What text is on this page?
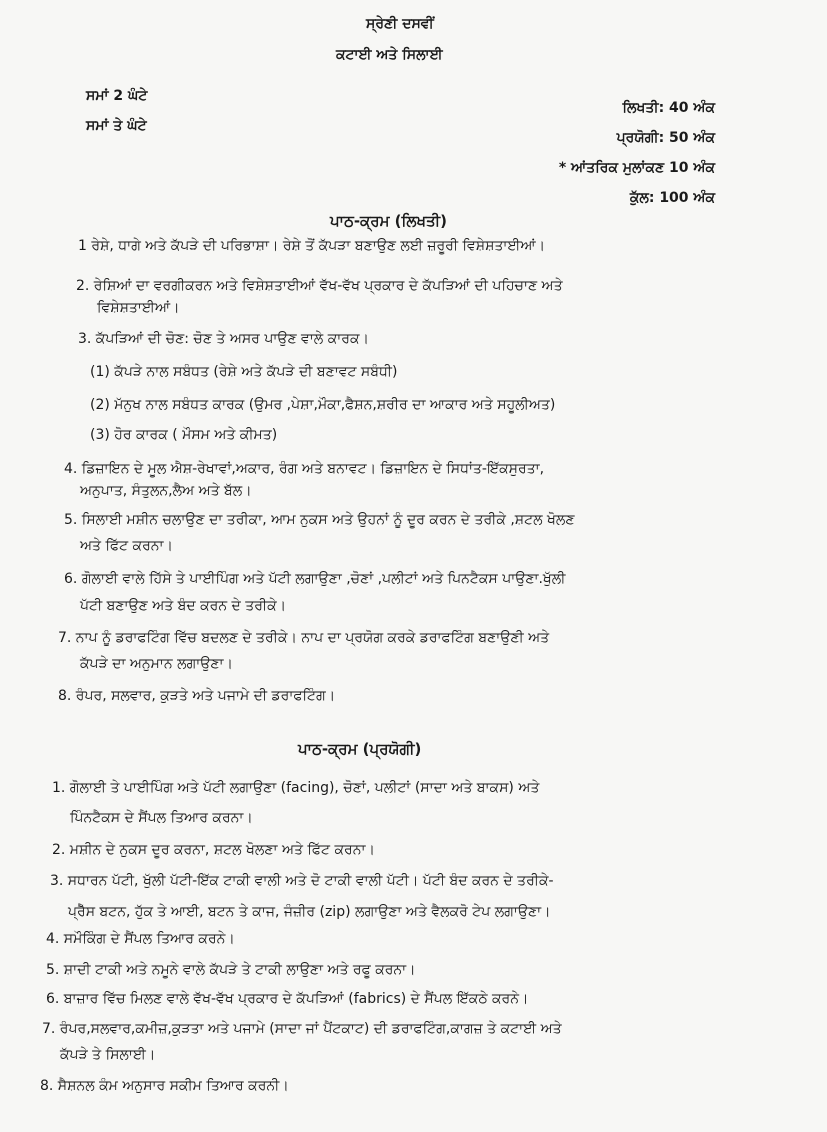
ਸ੍ਰੇਣੀ ਦਸਵੀਂ
ਕਟਾਈ ਅਤੇ ਸਿਲਾਈ
ਸਮਾਂ 2 ਘੰਟੇ
ਸਮਾਂ ਤੇ ਘੰਟੇ
ਲਿਖਤੀ: 40 ਅੰਕ
ਪ੍ਰਯੋਗੀ: 50 ਅੰਕ
* ਆਂਤਰਿਕ ਮੁਲਾਂਕਣ 10 ਅੰਕ
ਕੁੱਲ: 100 ਅੰਕ
ਪਾਠ-ਕ੍ਰਮ (ਲਿਖਤੀ)
1 ਰੇਸ਼ੇ, ਧਾਗੇ ਅਤੇ ਕੱਪੜੇ ਦੀ ਪਰਿਭਾਸ਼ਾ। ਰੇਸ਼ੇ ਤੋਂ ਕੱਪੜਾ ਬਣਾਉਣ ਲਈ ਜ਼ਰੂਰੀ ਵਿਸ਼ੇਸ਼ਤਾਈਆਂ।
2. ਰੇਸ਼ਿਆਂ ਦਾ ਵਰਗੀਕਰਨ ਅਤੇ ਵਿਸ਼ੇਸ਼ਤਾਈਆਂ ਵੱਖ-ਵੱਖ ਪ੍ਰਕਾਰ ਦੇ ਕੱਪੜਿਆਂ ਦੀ ਪਹਿਚਾਣ ਅਤੇ
ਵਿਸ਼ੇਸ਼ਤਾਈਆਂ।
3. ਕੱਪੜਿਆਂ ਦੀ ਚੋਣ: ਚੋਣ ਤੇ ਅਸਰ ਪਾਉਣ ਵਾਲੇ ਕਾਰਕ।
(1) ਕੱਪੜੇ ਨਾਲ ਸਬੰਧਤ (ਰੇਸ਼ੇ ਅਤੇ ਕੱਪੜੇ ਦੀ ਬਣਾਵਟ ਸਬੰਧੀ)
(2) ਮੱਨੁਖ ਨਾਲ ਸਬੰਧਤ ਕਾਰਕ (ਉਮਰ ,ਪੇਸ਼ਾ,ਮੌਕਾ,ਫੈਸ਼ਨ,ਸ਼ਰੀਰ ਦਾ ਆਕਾਰ ਅਤੇ ਸਹੂਲੀਅਤ)
(3) ਹੋਰ ਕਾਰਕ ( ਮੌਸਮ ਅਤੇ ਕੀਮਤ)
4. ਡਿਜ਼ਾਇਨ ਦੇ ਮੂਲ ਐਸ਼-ਰੇਖਾਵਾਂ,ਅਕਾਰ, ਰੰਗ ਅਤੇ ਬਨਾਵਟ। ਡਿਜ਼ਾਇਨ ਦੇ ਸਿਧਾਂਤ-ਇੱਕਸੁਰਤਾ,
ਅਨੁਪਾਤ, ਸੰਤੁਲਨ,ਲੈਅ ਅਤੇ ਬੱਲ।
5. ਸਿਲਾਈ ਮਸ਼ੀਨ ਚਲਾਉਣ ਦਾ ਤਰੀਕਾ, ਆਮ ਨੁਕਸ ਅਤੇ ਉਹਨਾਂ ਨੂੰ ਦੂਰ ਕਰਨ ਦੇ ਤਰੀਕੇ ,ਸ਼ਟਲ ਖੋਲਣ
ਅਤੇ ਫਿੱਟ ਕਰਨਾ।
6. ਗੋਲਾਈ ਵਾਲੇ ਹਿੱਸੇ ਤੇ ਪਾਈਪਿੰਗ ਅਤੇ ਪੱਟੀ ਲਗਾਉਣਾ ,ਚੋਣਾਂ ,ਪਲੀਟਾਂ ਅਤੇ ਪਿਨਟੈਕਸ ਪਾਉਣਾ.ਖੁੱਲੀ
ਪੱਟੀ ਬਣਾਉਣ ਅਤੇ ਬੰਦ ਕਰਨ ਦੇ ਤਰੀਕੇ।
7. ਨਾਪ ਨੂੰ ਡਰਾਫਟਿੰਗ ਵਿੱਚ ਬਦਲਣ ਦੇ ਤਰੀਕੇ। ਨਾਪ ਦਾ ਪ੍ਰਯੋਗ ਕਰਕੇ ਡਰਾਫਟਿੰਗ ਬਣਾਉਣੀ ਅਤੇ
ਕੱਪੜੇ ਦਾ ਅਨੁਮਾਨ ਲਗਾਉਣਾ।
8. ਰੰਪਰ, ਸਲਵਾਰ, ਕੁੜਤੇ ਅਤੇ ਪਜਾਮੇ ਦੀ ਡਰਾਫਟਿੰਗ।
ਪਾਠ-ਕ੍ਰਮ (ਪ੍ਰਯੋਗੀ)
1. ਗੋਲਾਈ ਤੇ ਪਾਈਪਿੰਗ ਅਤੇ ਪੱਟੀ ਲਗਾਉਣਾ (facing), ਚੋਣਾਂ, ਪਲੀਟਾਂ (ਸਾਦਾ ਅਤੇ ਬਾਕਸ) ਅਤੇ
ਪਿੰਨਟੈਕਸ ਦੇ ਸੈਂਪਲ ਤਿਆਰ ਕਰਨਾ।
2. ਮਸ਼ੀਨ ਦੇ ਨੁਕਸ ਦੂਰ ਕਰਨਾ, ਸ਼ਟਲ ਖੋਲਣਾ ਅਤੇ ਫਿੱਟ ਕਰਨਾ।
3. ਸਧਾਰਨ ਪੱਟੀ, ਖੁੱਲੀ ਪੱਟੀ-ਇੱਕ ਟਾਕੀ ਵਾਲੀ ਅਤੇ ਦੋ ਟਾਕੀ ਵਾਲੀ ਪੱਟੀ। ਪੱਟੀ ਬੰਦ ਕਰਨ ਦੇ ਤਰੀਕੇ-
ਪ੍ਰੈੱਸ ਬਟਨ, ਹੁੱਕ ਤੇ ਆਈ, ਬਟਨ ਤੇ ਕਾਜ, ਜੰਜ਼ੀਰ (zip) ਲਗਾਉਣਾ ਅਤੇ ਵੈਲਕਰੋ ਟੇਪ ਲਗਾਉਣਾ।
4. ਸਮੌਕਿੰਗ ਦੇ ਸੈਂਪਲ ਤਿਆਰ ਕਰਨੇ।
5. ਸ਼ਾਦੀ ਟਾਕੀ ਅਤੇ ਨਮੂਨੇ ਵਾਲੇ ਕੱਪੜੇ ਤੇ ਟਾਕੀ ਲਾਉਣਾ ਅਤੇ ਰਫੂ ਕਰਨਾ।
6. ਬਾਜ਼ਾਰ ਵਿੱਚ ਮਿਲਣ ਵਾਲੇ ਵੱਖ-ਵੱਖ ਪ੍ਰਕਾਰ ਦੇ ਕੱਪੜਿਆਂ (fabrics) ਦੇ ਸੈਂਪਲ ਇੱਕਠੇ ਕਰਨੇ।
7. ਰੰਪਰ,ਸਲਵਾਰ,ਕਮੀਜ਼,ਕੁੜਤਾ ਅਤੇ ਪਜਾਮੇ (ਸਾਦਾ ਜਾਂ ਪੈਂਟਕਾਟ) ਦੀ ਡਰਾਫਟਿੰਗ,ਕਾਗਜ਼ ਤੇ ਕਟਾਈ ਅਤੇ
ਕੱਪੜੇ ਤੇ ਸਿਲਾਈ।
8. ਸੈਸ਼ਨਲ ਕੰਮ ਅਨੁਸਾਰ ਸਕੀਮ ਤਿਆਰ ਕਰਨੀ।
